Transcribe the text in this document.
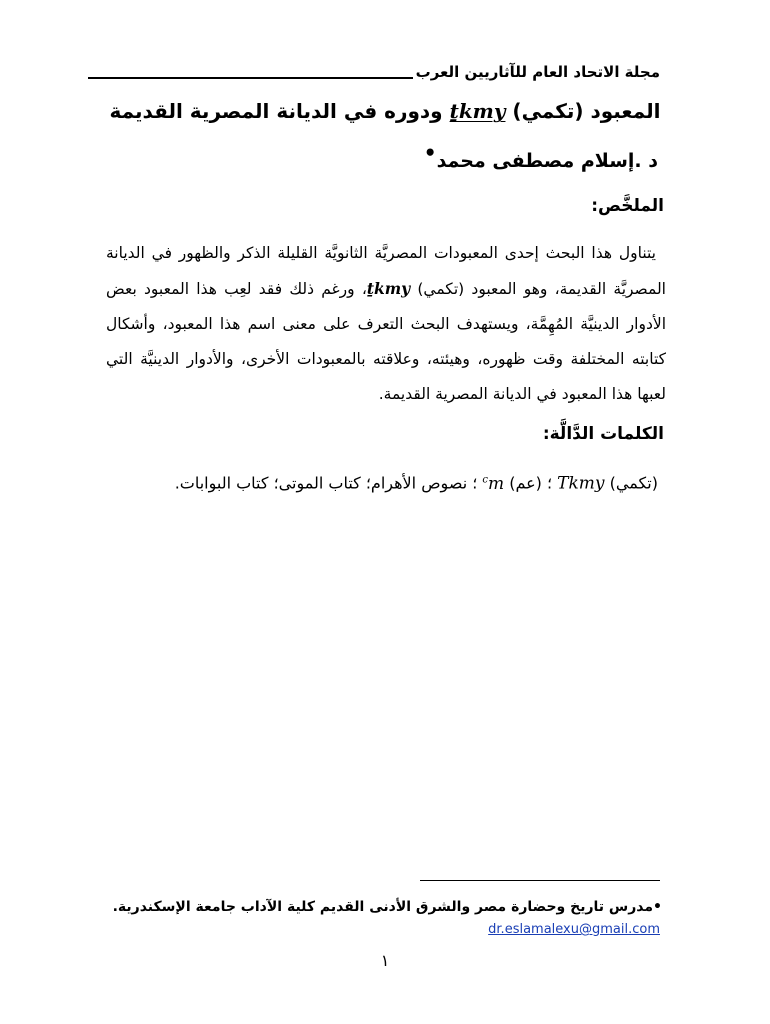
مجلة الاتحاد العام للآثاريين العرب
المعبود (تكمي) ṯkmy ودوره في الديانة المصرية القديمة
د .إسلام مصطفى محمد•
الملخَّص:

يتناول هذا البحث إحدى المعبودات المصريَّة الثانويَّة القليلة الذكر والظهور في الديانة المصريَّة القديمة، وهو المعبود (تكمي) ṯkmy، ورغم ذلك فقد لعِب هذا المعبود بعض الأدوار الدينيَّة المُهِمَّة، ويستهدف البحث التعرف على معنى اسم هذا المعبود، وأشكال كتابته المختلفة وقت ظهوره، وهيئته، وعلاقته بالمعبودات الأخرى، والأدوار الدينيَّة التي لعبها هذا المعبود في الديانة المصرية القديمة.

الكلمات الدَّالَّة:
(تكمي) Tkmy ؛ (عم) $^c$m ؛ نصوص الأهرام؛ كتاب الموتى؛ كتاب البوابات.
•مدرس تاريخ وحضارة مصر والشرق الأدنى القديم كلية الآداب جامعة الإسكندرية.
dr.eslamalexu@gmail.com
١
